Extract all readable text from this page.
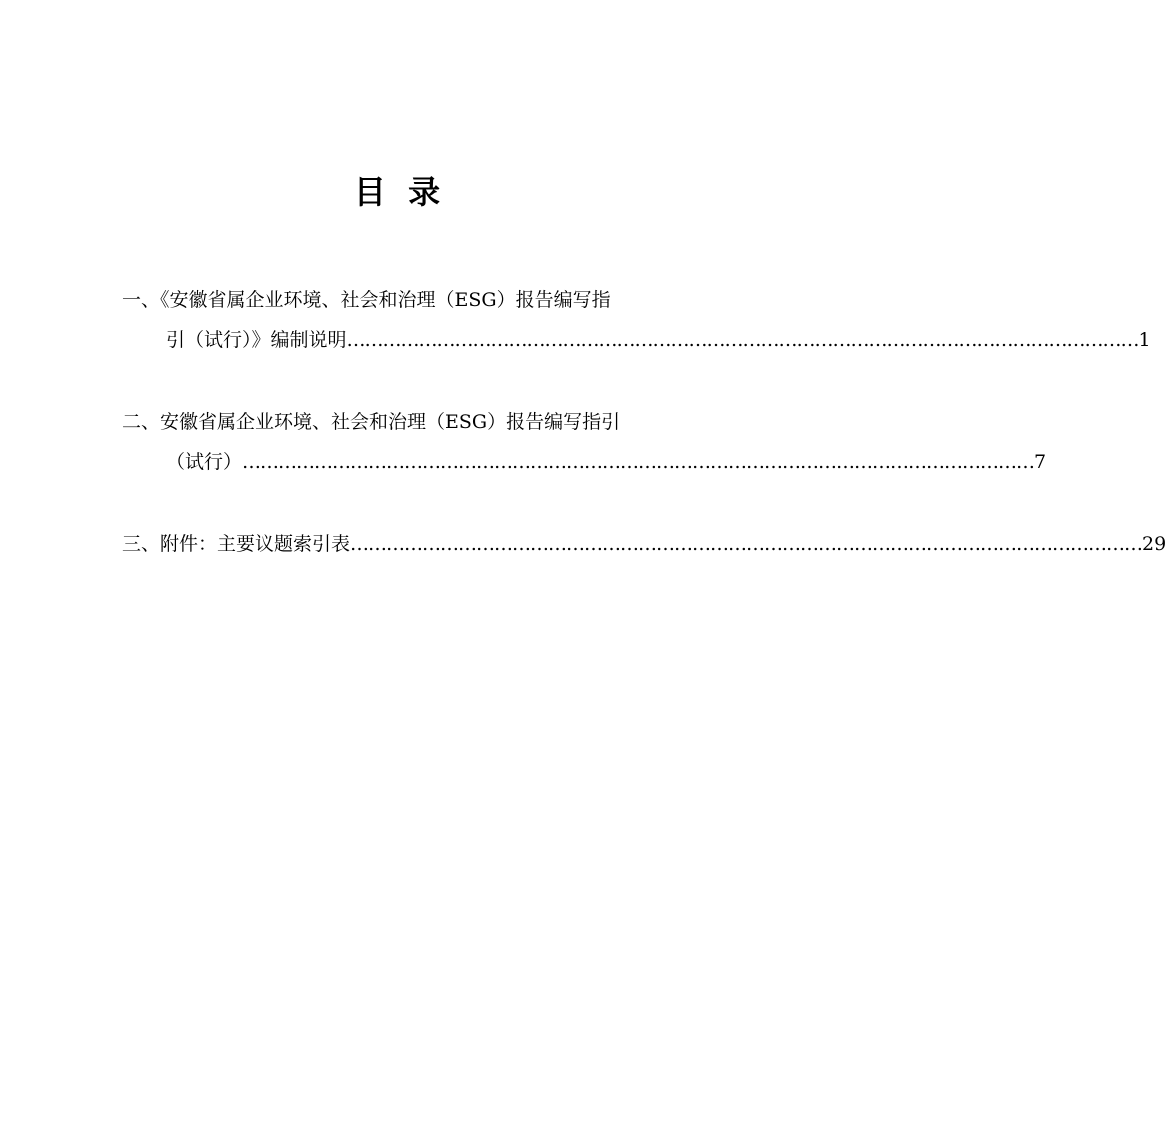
目  录
一、《安徽省属企业环境、社会和治理（ESG）报告编写指
引（试行）》编制说明 …………………………………………………………………………………………………………………… 1
二、安徽省属企业环境、社会和治理（ESG）报告编写指引
（试行） …………………………………………………………………………………………………………………… 7
三、附件：主要议题索引表 …………………………………………………………………………………………………………………… 29
